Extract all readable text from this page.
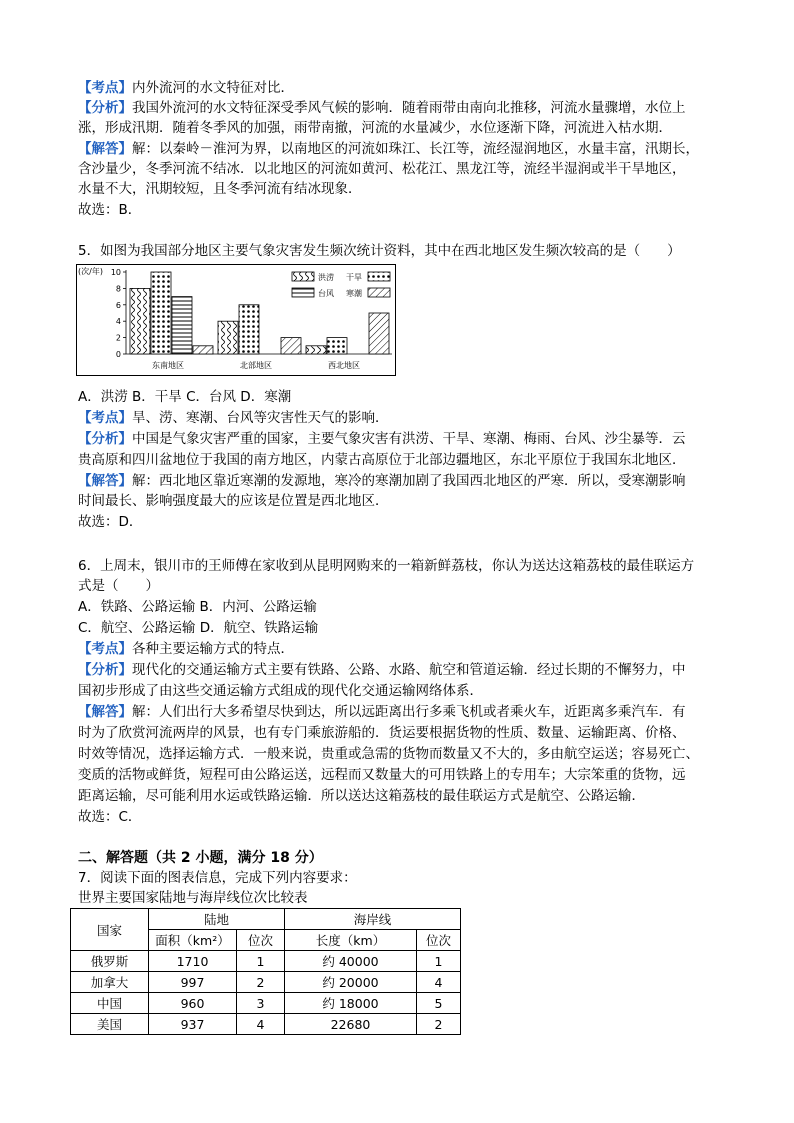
【考点】内外流河的水文特征对比．
【分析】我国外流河的水文特征深受季风气候的影响．随着雨带由南向北推移，河流水量骤增，水位上
涨，形成汛期．随着冬季风的加强，雨带南撤，河流的水量减少，水位逐渐下降，河流进入枯水期．
【解答】解：以秦岭－淮河为界，以南地区的河流如珠江、长江等，流经湿润地区，水量丰富，汛期长，
含沙量少，冬季河流不结冰．以北地区的河流如黄河、松花江、黑龙江等，流经半湿润或半干旱地区，
水量不大，汛期较短，且冬季河流有结冰现象．
故选：B．
5．如图为我国部分地区主要气象灾害发生频次统计资料，其中在西北地区发生频次较高的是（　　）
(次/年)
0
2
4
6
8
10
东南地区	北部地区	西北地区
洪涝 干旱
台风 寒潮
A．洪涝 B．干旱 C．台风 D．寒潮
【考点】旱、涝、寒潮、台风等灾害性天气的影响．
【分析】中国是气象灾害严重的国家，主要气象灾害有洪涝、干旱、寒潮、梅雨、台风、沙尘暴等．云
贵高原和四川盆地位于我国的南方地区，内蒙古高原位于北部边疆地区，东北平原位于我国东北地区．
【解答】解：西北地区靠近寒潮的发源地，寒冷的寒潮加剧了我国西北地区的严寒．所以，受寒潮影响
时间最长、影响强度最大的应该是位置是西北地区．
故选：D．
6．上周末，银川市的王师傅在家收到从昆明网购来的一箱新鲜荔枝，你认为送达这箱荔枝的最佳联运方
式是（　　）
A．铁路、公路运输 B．内河、公路运输
C．航空、公路运输 D．航空、铁路运输
【考点】各种主要运输方式的特点．
【分析】现代化的交通运输方式主要有铁路、公路、水路、航空和管道运输．经过长期的不懈努力，中
国初步形成了由这些交通运输方式组成的现代化交通运输网络体系．
【解答】解：人们出行大多希望尽快到达，所以远距离出行多乘飞机或者乘火车，近距离多乘汽车．有
时为了欣赏河流两岸的风景，也有专门乘旅游船的．货运要根据货物的性质、数量、运输距离、价格、
时效等情况，选择运输方式．一般来说，贵重或急需的货物而数量又不大的，多由航空运送；容易死亡、
变质的活物或鲜货，短程可由公路运送，远程而又数量大的可用铁路上的专用车；大宗笨重的货物，远
距离运输，尽可能利用水运或铁路运输．所以送达这箱荔枝的最佳联运方式是航空、公路运输．
故选：C．
二、解答题（共 2 小题，满分 18 分）
7．阅读下面的图表信息，完成下列内容要求：
世界主要国家陆地与海岸线位次比较表
国家	陆地		海岸线	
	面积（km²）	位次	长度（km）	位次
俄罗斯	1710	1	约 40000	1
加拿大	997	2	约 20000	4
中国	960	3	约 18000	5
美国	937	4	22680	2
